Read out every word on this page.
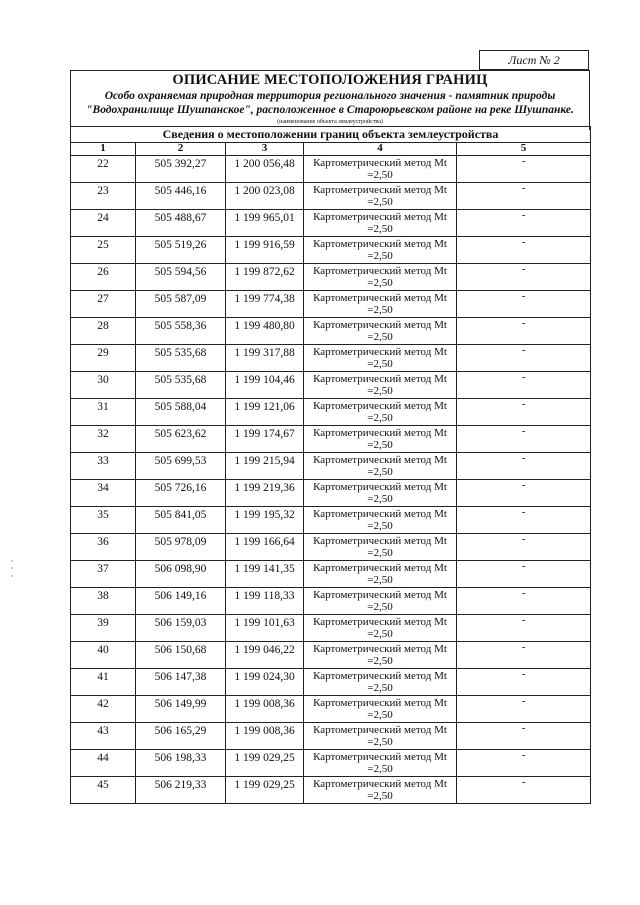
Лист № 2
ОПИСАНИЕ МЕСТОПОЛОЖЕНИЯ ГРАНИЦ
Особо охраняемая природная территория регионального значения - памятник природы
"Водохранилище Шушпанское", расположенное в Староюрьевском районе на реке Шушпанке.
(наименование объекта землеустройства)
Сведения о местоположении границ объекта землеустройства				
1	2	3	4	5
22	505 392,27	1 200 056,48	Картометрический метод Mt
=2,50	-
23	505 446,16	1 200 023,08	Картометрический метод Mt
=2,50	-
24	505 488,67	1 199 965,01	Картометрический метод Mt
=2,50	-
25	505 519,26	1 199 916,59	Картометрический метод Mt
=2,50	-
26	505 594,56	1 199 872,62	Картометрический метод Mt
=2,50	-
27	505 587,09	1 199 774,38	Картометрический метод Mt
=2,50	-
28	505 558,36	1 199 480,80	Картометрический метод Mt
=2,50	-
29	505 535,68	1 199 317,88	Картометрический метод Mt
=2,50	-
30	505 535,68	1 199 104,46	Картометрический метод Mt
=2,50	-
31	505 588,04	1 199 121,06	Картометрический метод Mt
=2,50	-
32	505 623,62	1 199 174,67	Картометрический метод Mt
=2,50	-
33	505 699,53	1 199 215,94	Картометрический метод Mt
=2,50	-
34	505 726,16	1 199 219,36	Картометрический метод Mt
=2,50	-
35	505 841,05	1 199 195,32	Картометрический метод Mt
=2,50	-
36	505 978,09	1 199 166,64	Картометрический метод Mt
=2,50	-
37	506 098,90	1 199 141,35	Картометрический метод Mt
=2,50	-
38	506 149,16	1 199 118,33	Картометрический метод Mt
=2,50	-
39	506 159,03	1 199 101,63	Картометрический метод Mt
=2,50	-
40	506 150,68	1 199 046,22	Картометрический метод Mt
=2,50	-
41	506 147,38	1 199 024,30	Картометрический метод Mt
=2,50	-
42	506 149,99	1 199 008,36	Картометрический метод Mt
=2,50	-
43	506 165,29	1 199 008,36	Картометрический метод Mt
=2,50	-
44	506 198,33	1 199 029,25	Картометрический метод Mt
=2,50	-
45	506 219,33	1 199 029,25	Картометрический метод Mt
=2,50	-
